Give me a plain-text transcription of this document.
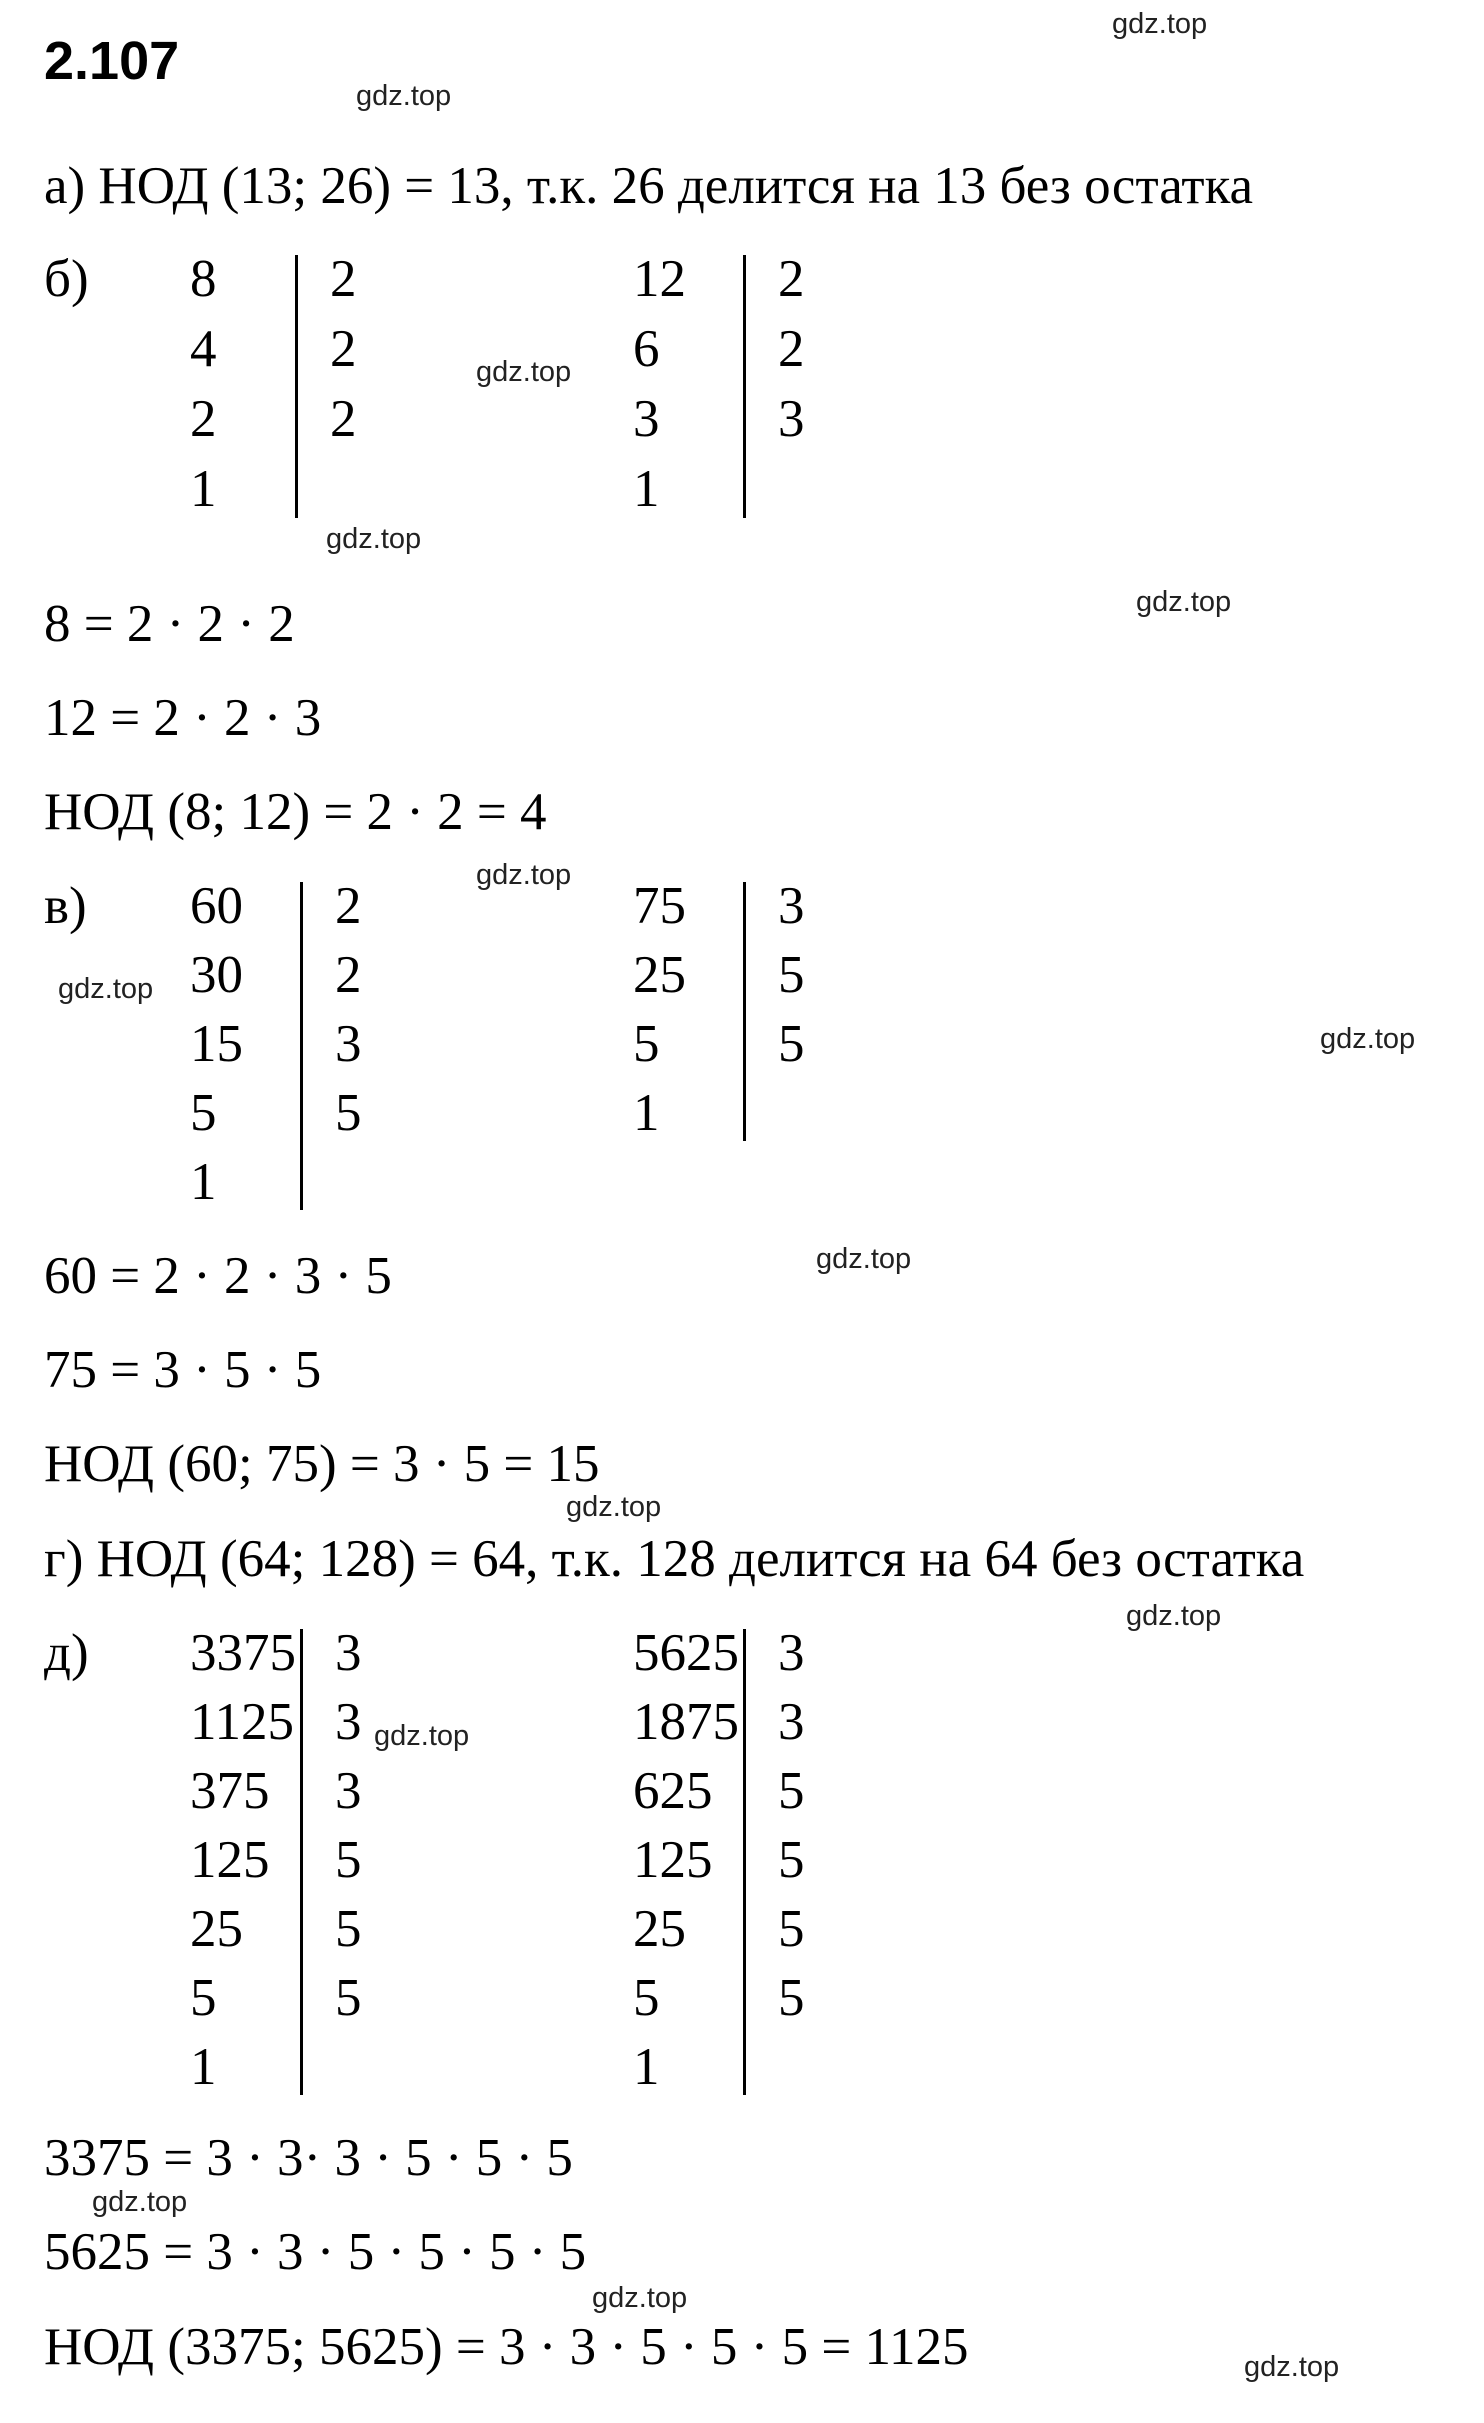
2.107
а) НОД (13; 26) = 13, т.к. 26 делится на 13 без остатка
б) 8 2
4 2
2 2
1
12 2
6 2
3 3
1
8 = 2 · 2 · 2
12 = 2 · 2 · 3
НОД (8; 12) = 2 · 2 = 4
в) 60 2
30 2
15 3
5 5
1
75 3
25 5
5 5
1
60 = 2 · 2 · 3 · 5
75 = 3 · 5 · 5
НОД (60; 75) = 3 · 5 = 15
г) НОД (64; 128) = 64, т.к. 128 делится на 64 без остатка
д) 3375 3
1125 3
375 3
125 5
25 5
5 5
1
5625 3
1875 3
625 5
125 5
25 5
5 5
1
3375 = 3 · 3· 3 · 5 · 5 · 5
5625 = 3 · 3 · 5 · 5 · 5 · 5
НОД (3375; 5625) = 3 · 3 · 5 · 5 · 5 = 1125
gdz.top
gdz.top
gdz.top
gdz.top
gdz.top
gdz.top
gdz.top
gdz.top
gdz.top
gdz.top
gdz.top
gdz.top
gdz.top
gdz.top
gdz.top
